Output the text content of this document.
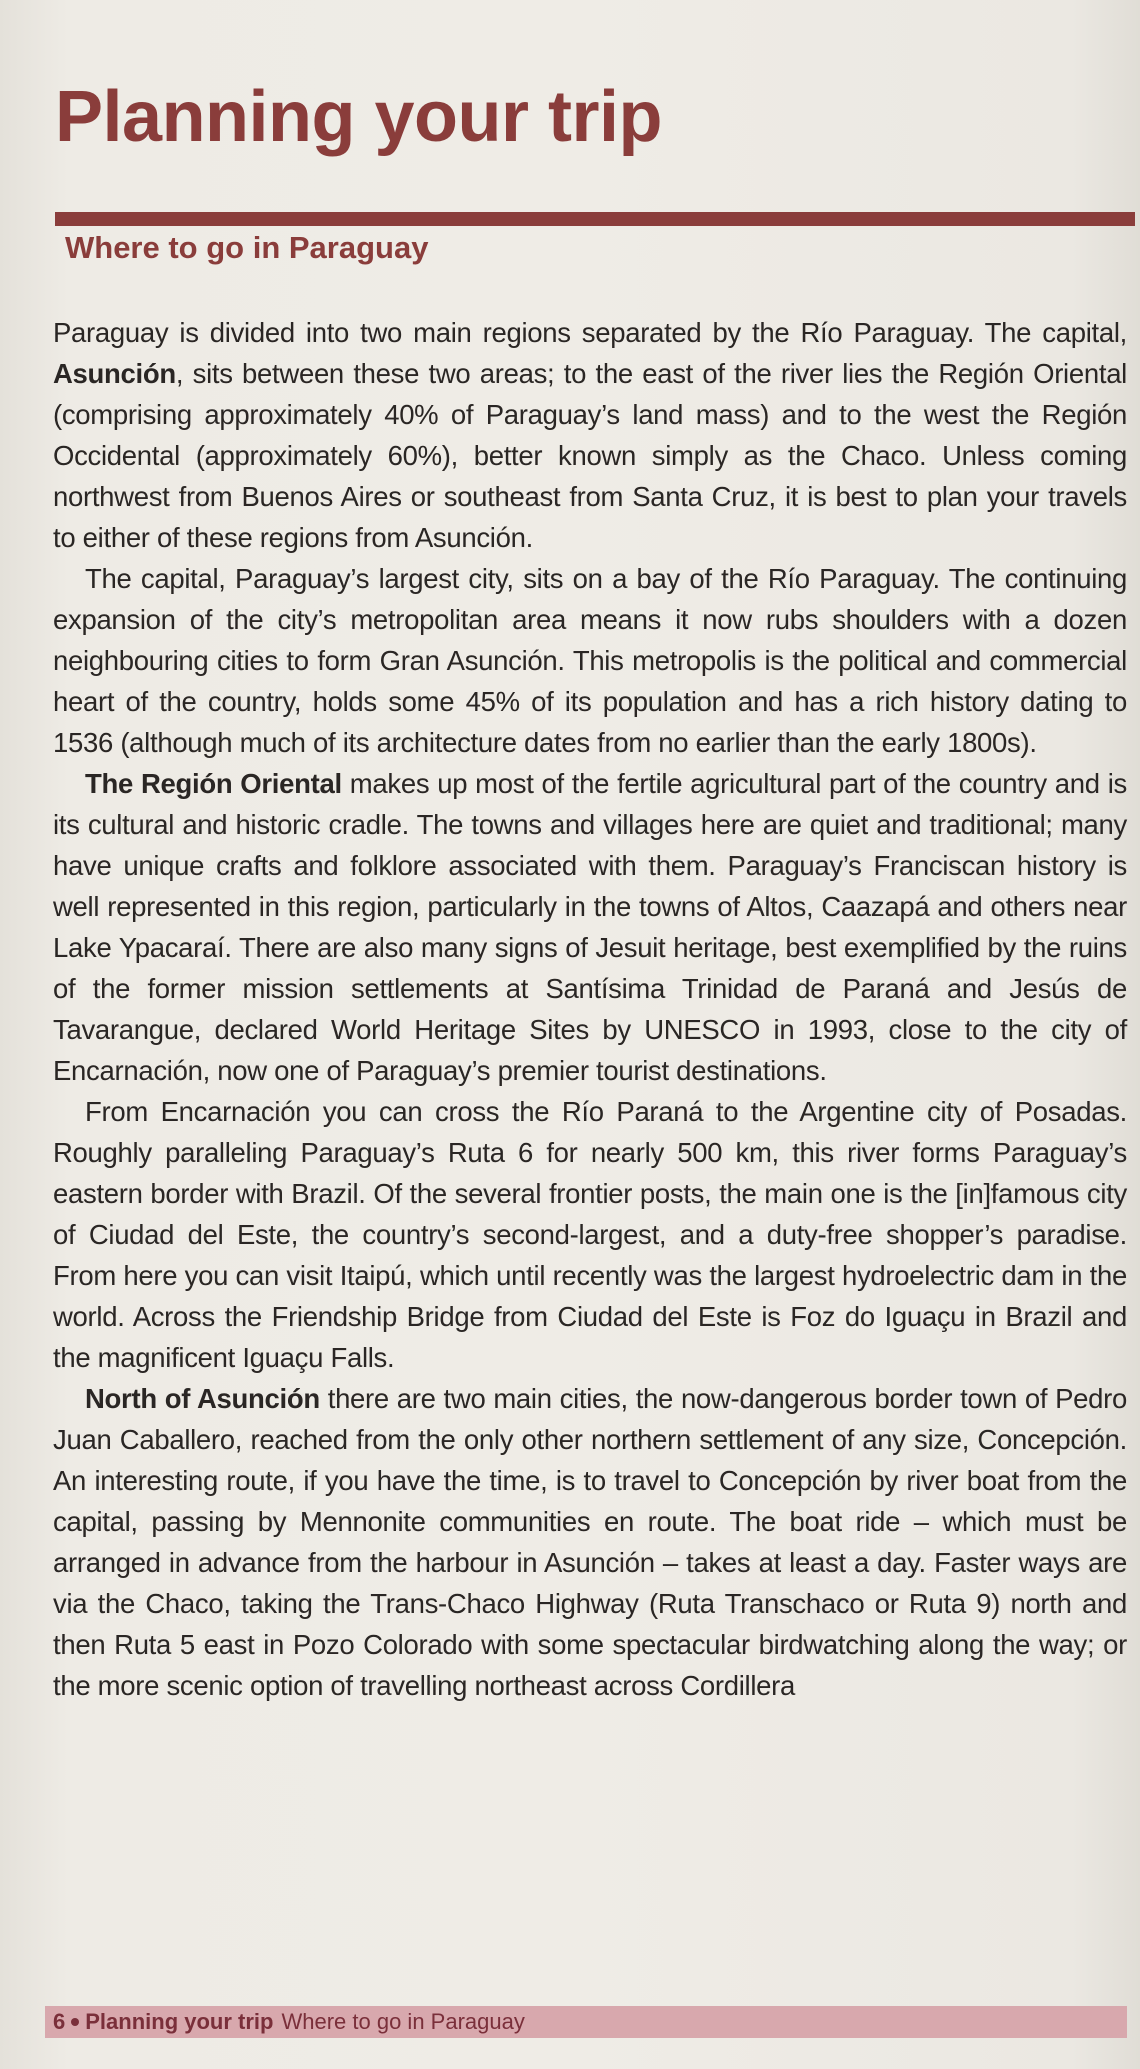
Planning your trip
Where to go in Paraguay

Paraguay is divided into two main regions separated by the Río Paraguay. The capital, Asunción, sits between these two areas; to the east of the river lies the Región Oriental (comprising approximately 40% of Paraguay’s land mass) and to the west the Región Occidental (approximately 60%), better known simply as the Chaco. Unless coming northwest from Buenos Aires or southeast from Santa Cruz, it is best to plan your travels to either of these regions from Asunción.

The capital, Paraguay’s largest city, sits on a bay of the Río Paraguay. The continuing expansion of the city’s metropolitan area means it now rubs shoulders with a dozen neighbouring cities to form Gran Asunción. This metropolis is the political and commercial heart of the country, holds some 45% of its population and has a rich history dating to 1536 (although much of its architecture dates from no earlier than the early 1800s).

The Región Oriental makes up most of the fertile agricultural part of the country and is its cultural and historic cradle. The towns and villages here are quiet and traditional; many have unique crafts and folklore associated with them. Paraguay’s Franciscan history is well represented in this region, particularly in the towns of Altos, Caazapá and others near Lake Ypacaraí. There are also many signs of Jesuit heritage, best exemplified by the ruins of the former mission settlements at Santísima Trinidad de Paraná and Jesús de Tavarangue, declared World Heritage Sites by UNESCO in 1993, close to the city of Encarnación, now one of Paraguay’s premier tourist destinations.

From Encarnación you can cross the Río Paraná to the Argentine city of Posadas. Roughly paralleling Paraguay’s Ruta 6 for nearly 500 km, this river forms Paraguay’s eastern border with Brazil. Of the several frontier posts, the main one is the [in]famous city of Ciudad del Este, the country’s second-largest, and a duty-free shopper’s paradise. From here you can visit Itaipú, which until recently was the largest hydroelectric dam in the world. Across the Friendship Bridge from Ciudad del Este is Foz do Iguaçu in Brazil and the magnificent Iguaçu Falls.

North of Asunción there are two main cities, the now-dangerous border town of Pedro Juan Caballero, reached from the only other northern settlement of any size, Concepción. An interesting route, if you have the time, is to travel to Concepción by river boat from the capital, passing by Mennonite communities en route. The boat ride – which must be arranged in advance from the harbour in Asunción – takes at least a day. Faster ways are via the Chaco, taking the Trans-Chaco Highway (Ruta Transchaco or Ruta 9) north and then Ruta 5 east in Pozo Colorado with some spectacular birdwatching along the way; or the more scenic option of travelling northeast across Cordillera

6 Planning your trip Where to go in Paraguay
